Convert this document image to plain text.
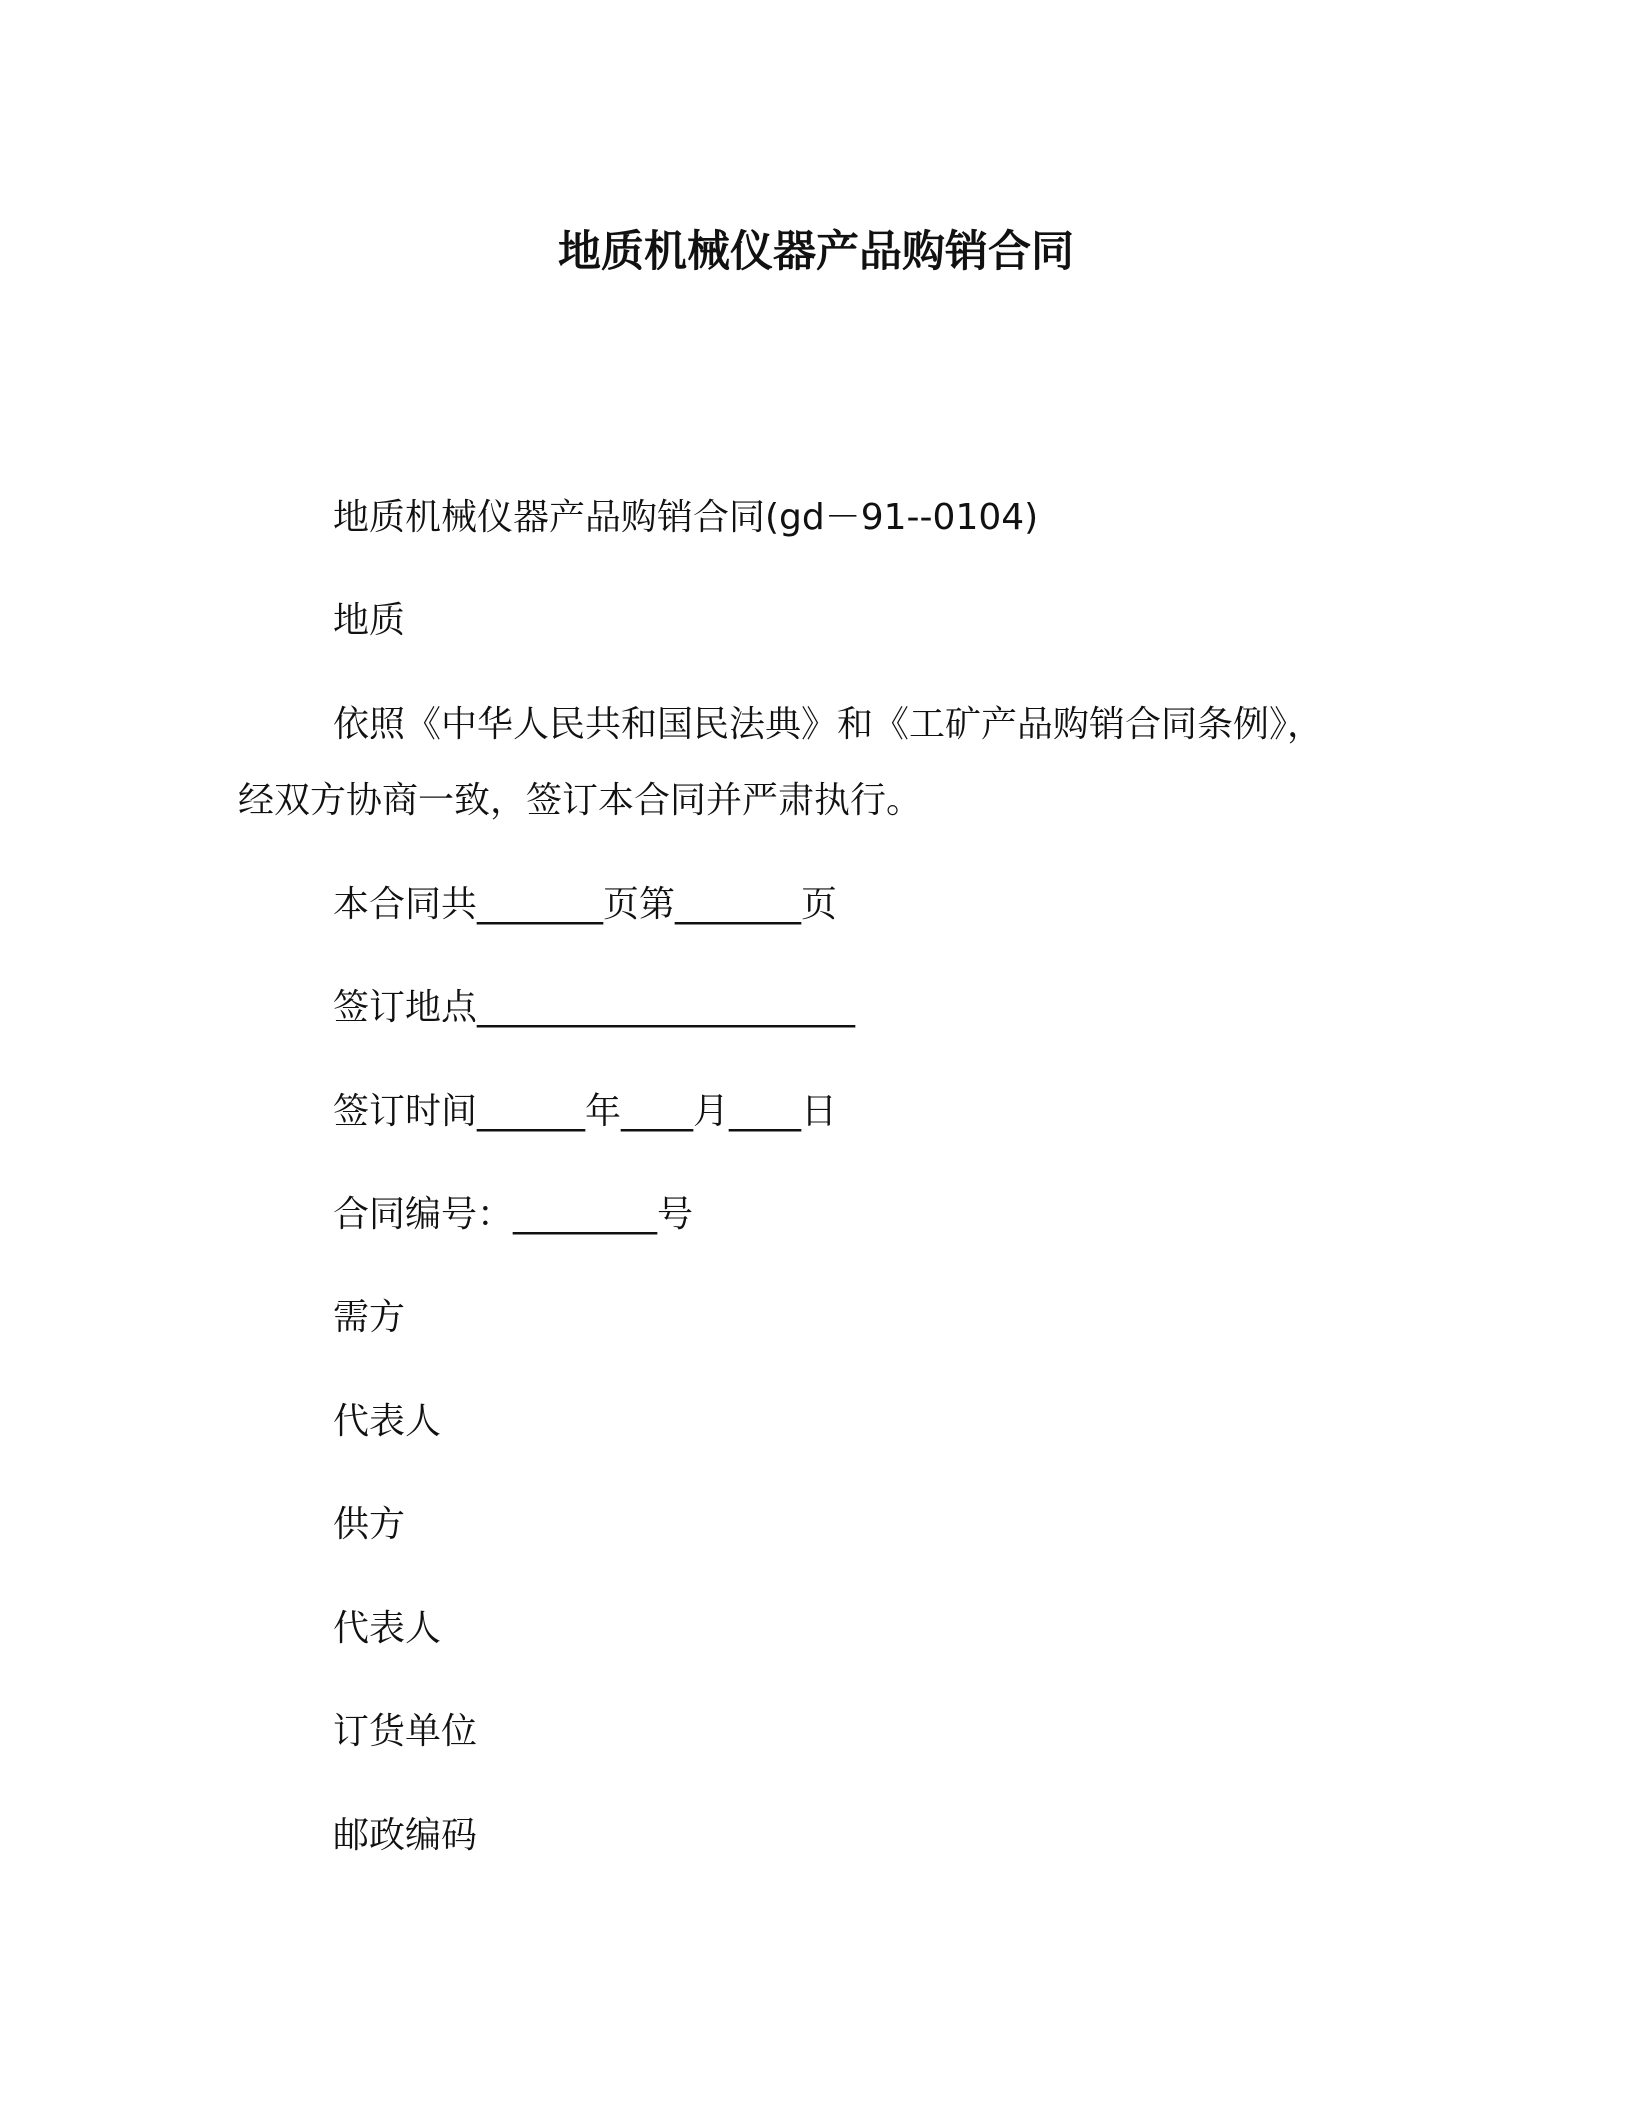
地质机械仪器产品购销合同
地质机械仪器产品购销合同(gd－91--0104)
地质
依照《中华人民共和国民法典》和《工矿产品购销合同条例》，
经双方协商一致，签订本合同并严肃执行。
本合同共_______页第_______页
签订地点_____________________
签订时间______年____月____日
合同编号：________号
需方
代表人
供方
代表人
订货单位
邮政编码
